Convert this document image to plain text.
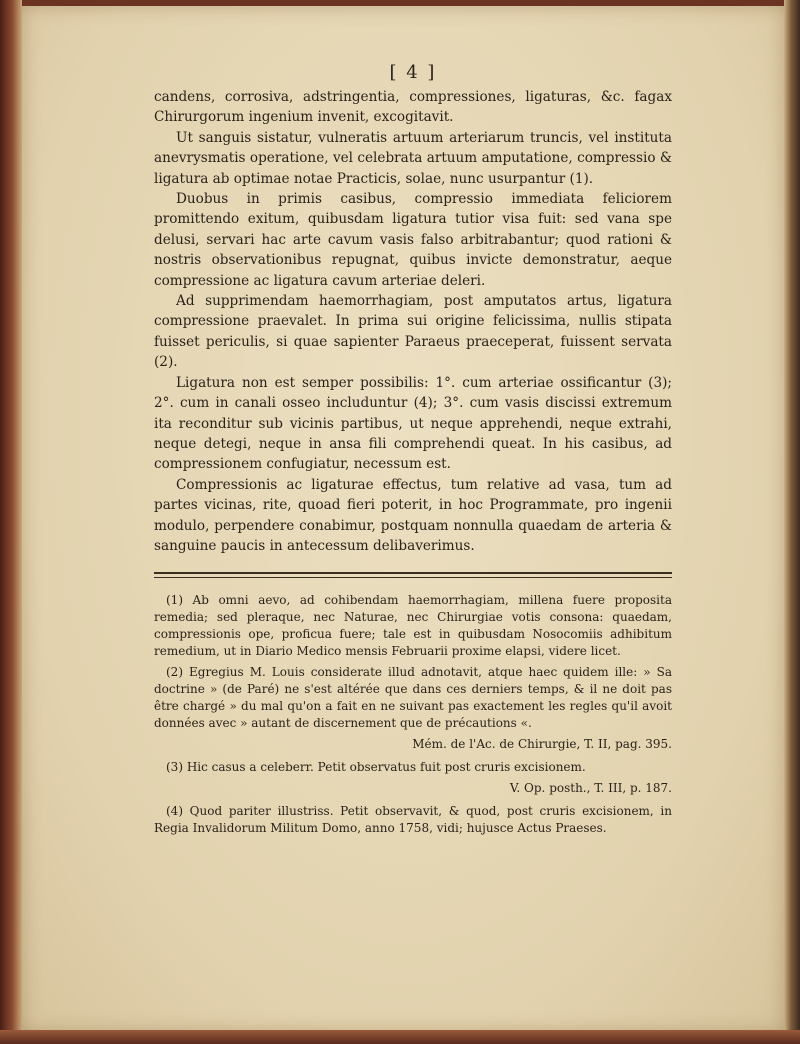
[ 4 ]

candens, corrosiva, adstringentia, compressiones, ligaturas, &c. fagax Chirurgorum ingenium invenit, excogitavit.

Ut sanguis sistatur, vulneratis artuum arteriarum truncis, vel instituta anevrysmatis operatione, vel celebrata artuum amputatione, compressio & ligatura ab optimae notae Practicis, solae, nunc usurpantur (1).

Duobus in primis casibus, compressio immediata feliciorem promittendo exitum, quibusdam ligatura tutior visa fuit: sed vana spe delusi, servari hac arte cavum vasis falso arbitrabantur; quod rationi & nostris observationibus repugnat, quibus invicte demonstratur, aeque compressione ac ligatura cavum arteriae deleri.

Ad supprimendam haemorrhagiam, post amputatos artus, ligatura compressione praevalet. In prima sui origine felicissima, nullis stipata fuisset periculis, si quae sapienter Paraeus praeceperat, fuissent servata (2).

Ligatura non est semper possibilis: 1°. cum arteriae ossificantur (3); 2°. cum in canali osseo includuntur (4); 3°. cum vasis discissi extremum ita reconditur sub vicinis partibus, ut neque apprehendi, neque extrahi, neque detegi, neque in ansa fili comprehendi queat. In his casibus, ad compressionem confugiatur, necessum est.

Compressionis ac ligaturae effectus, tum relative ad vasa, tum ad partes vicinas, rite, quoad fieri poterit, in hoc Programmate, pro ingenii modulo, perpendere conabimur, postquam nonnulla quaedam de arteria & sanguine paucis in antecessum delibaverimus.

(1) Ab omni aevo, ad cohibendam haemorrhagiam, millena fuere proposita remedia; sed pleraque, nec Naturae, nec Chirurgiae votis consona: quaedam, compressionis ope, proficua fuere; tale est in quibusdam Nosocomiis adhibitum remedium, ut in Diario Medico mensis Februarii proxime elapsi, videre licet.

(2) Egregius M. Louis considerate illud adnotavit, atque haec quidem ille: » Sa doctrine » (de Paré) ne s'est altérée que dans ces derniers temps, & il ne doit pas être chargé » du mal qu'on a fait en ne suivant pas exactement les regles qu'il avoit données avec » autant de discernement que de précautions «.

Mém. de l'Ac. de Chirurgie, T. II, pag. 395.

(3) Hic casus a celeberr. Petit observatus fuit post cruris excisionem.

V. Op. posth., T. III, p. 187.

(4) Quod pariter illustriss. Petit observavit, & quod, post cruris excisionem, in Regia Invalidorum Militum Domo, anno 1758, vidi; hujusce Actus Praeses.
